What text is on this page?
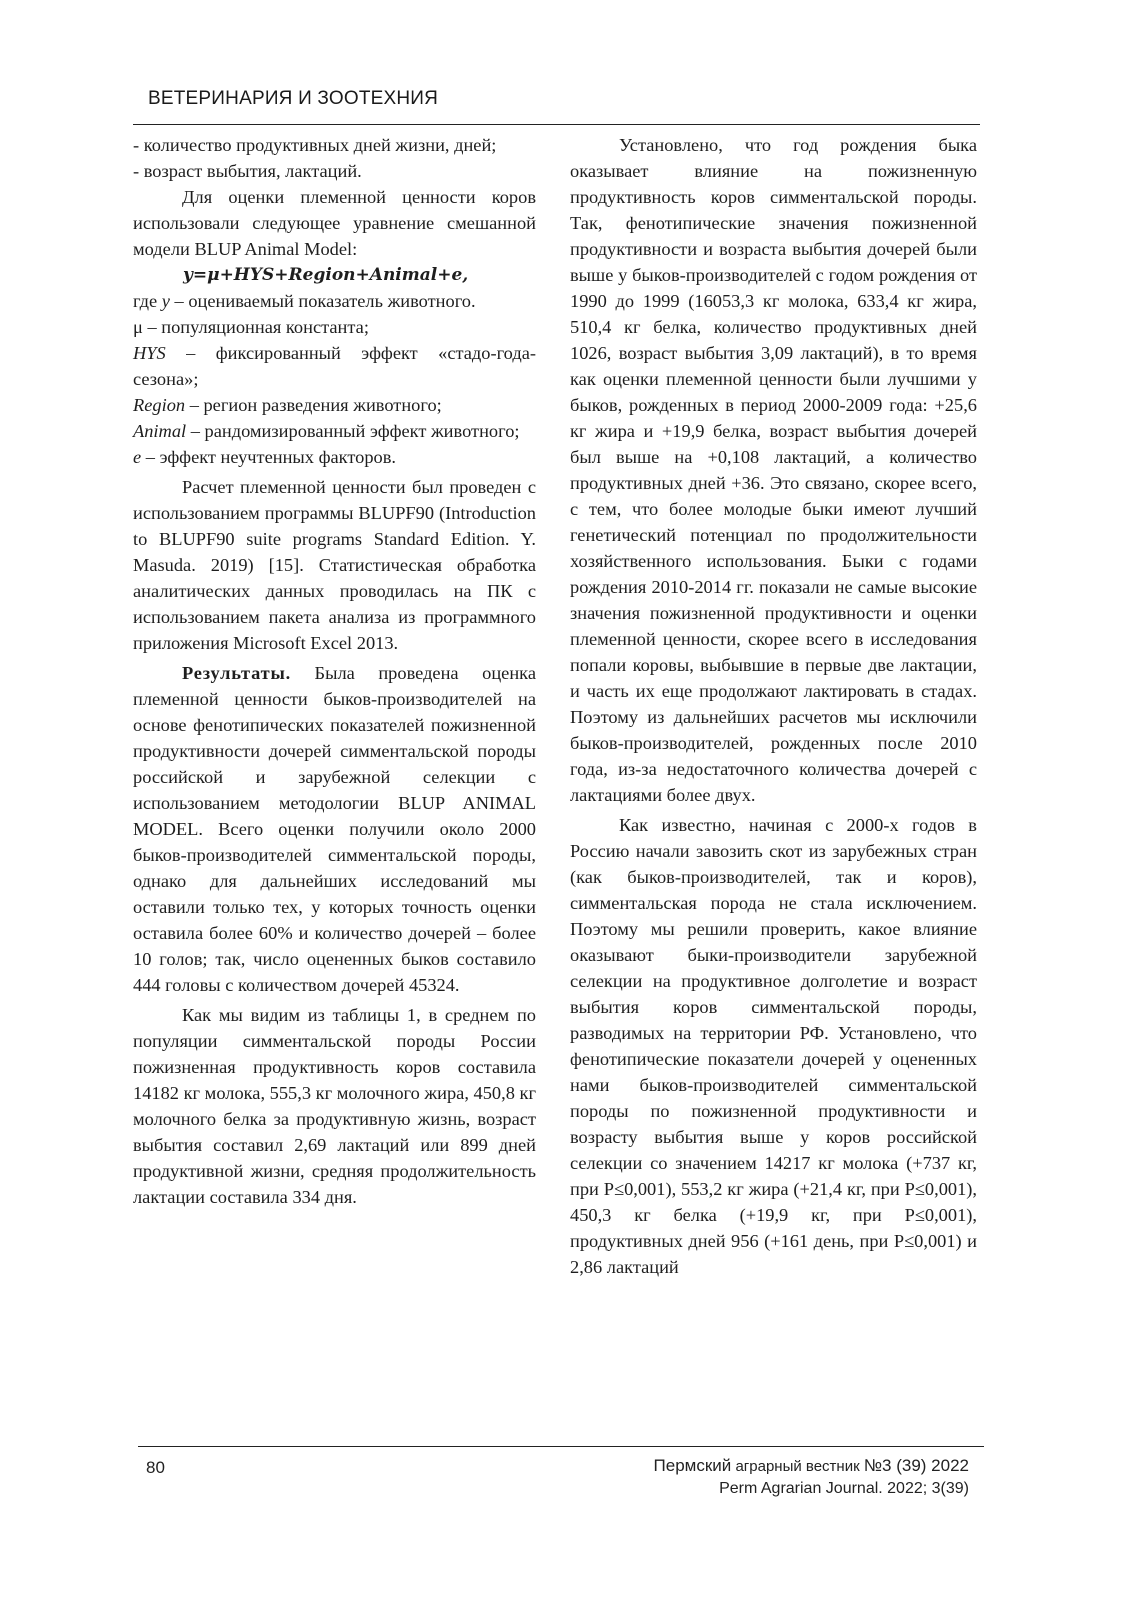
ВЕТЕРИНАРИЯ И ЗООТЕХНИЯ

- количество продуктивных дней жизни, дней;

- возраст выбытия, лактаций.

Для оценки племенной ценности коров использовали следующее уравнение смешанной модели BLUP Animal Model:

y=μ+HYS+Region+Animal+e,

где y – оцениваемый показатель животного.

μ – популяционная константа;

HYS – фиксированный эффект «стадо-года-сезона»;

Region – регион разведения животного;

Animal – рандомизированный эффект животного;

e – эффект неучтенных факторов.

Расчет племенной ценности был проведен с использованием программы BLUPF90 (Introduction to BLUPF90 suite programs Standard Edition. Y. Masuda. 2019) [15]. Статистическая обработка аналитических данных проводилась на ПК с использованием пакета анализа из программного приложения Microsoft Excel 2013.

Результаты. Была проведена оценка племенной ценности быков-производителей на основе фенотипических показателей пожизненной продуктивности дочерей симментальской породы российской и зарубежной селекции с использованием методологии BLUP ANIMAL MODEL. Всего оценки получили около 2000 быков-производителей симментальской породы, однако для дальнейших исследований мы оставили только тех, у которых точность оценки оставила более 60% и количество дочерей – более 10 голов; так, число оцененных быков составило 444 головы с количеством дочерей 45324.

Как мы видим из таблицы 1, в среднем по популяции симментальской породы России пожизненная продуктивность коров составила 14182 кг молока, 555,3 кг молочного жира, 450,8 кг молочного белка за продуктивную жизнь, возраст выбытия составил 2,69 лактаций или 899 дней продуктивной жизни, средняя продолжительность лактации составила 334 дня.

Установлено, что год рождения быка оказывает влияние на пожизненную продуктивность коров симментальской породы. Так, фенотипические значения пожизненной продуктивности и возраста выбытия дочерей были выше у быков-производителей с годом рождения от 1990 до 1999 (16053,3 кг молока, 633,4 кг жира, 510,4 кг белка, количество продуктивных дней 1026, возраст выбытия 3,09 лактаций), в то время как оценки племенной ценности были лучшими у быков, рожденных в период 2000-2009 года: +25,6 кг жира и +19,9 белка, возраст выбытия дочерей был выше на +0,108 лактаций, а количество продуктивных дней +36. Это связано, скорее всего, с тем, что более молодые быки имеют лучший генетический потенциал по продолжительности хозяйственного использования. Быки с годами рождения 2010-2014 гг. показали не самые высокие значения пожизненной продуктивности и оценки племенной ценности, скорее всего в исследования попали коровы, выбывшие в первые две лактации, и часть их еще продолжают лактировать в стадах. Поэтому из дальнейших расчетов мы исключили быков-производителей, рожденных после 2010 года, из-за недостаточного количества дочерей с лактациями более двух.

Как известно, начиная с 2000-х годов в Россию начали завозить скот из зарубежных стран (как быков-производителей, так и коров), симментальская порода не стала исключением. Поэтому мы решили проверить, какое влияние оказывают быки-производители зарубежной селекции на продуктивное долголетие и возраст выбытия коров симментальской породы, разводимых на территории РФ. Установлено, что фенотипические показатели дочерей у оцененных нами быков-производителей симментальской породы по пожизненной продуктивности и возрасту выбытия выше у коров российской селекции со значением 14217 кг молока (+737 кг, при P≤0,001), 553,2 кг жира (+21,4 кг, при P≤0,001), 450,3 кг белка (+19,9 кг, при P≤0,001), продуктивных дней 956 (+161 день, при P≤0,001) и 2,86 лактаций

80	Пермский аграрный вестник №3 (39) 2022
Perm Agrarian Journal. 2022; 3(39)
